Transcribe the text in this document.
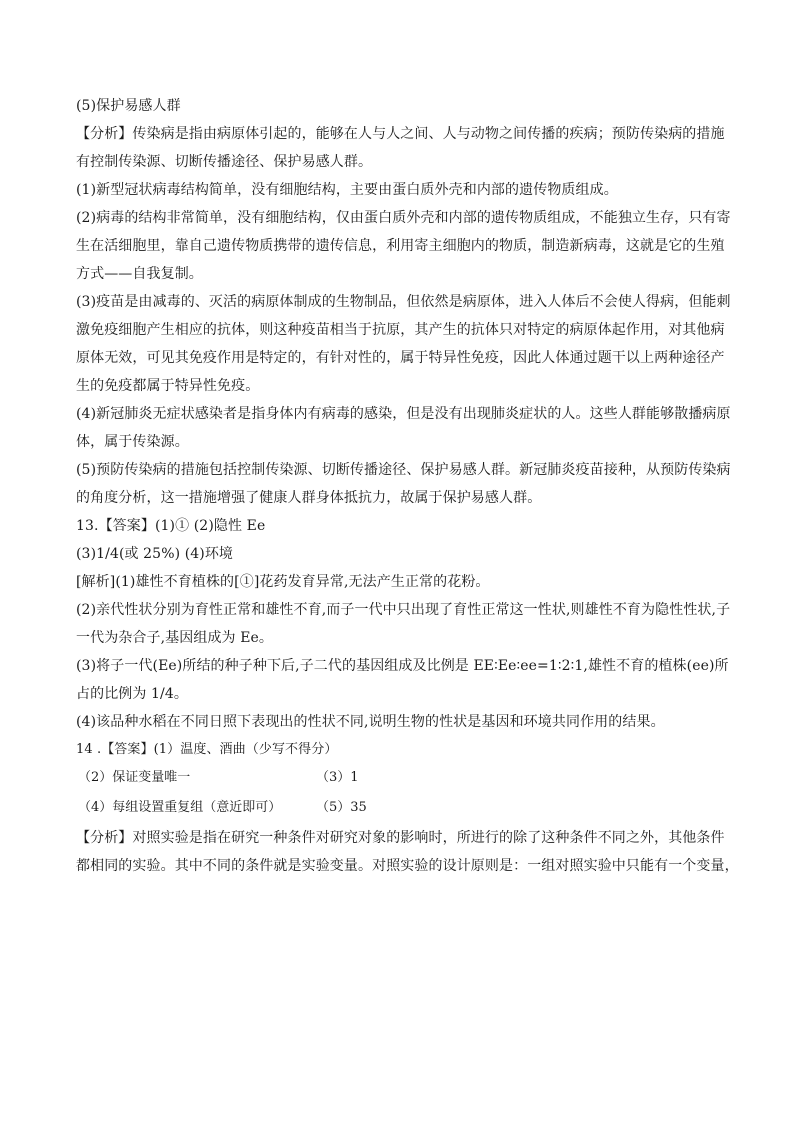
(5)保护易感人群
【分析】传染病是指由病原体引起的，能够在人与人之间、人与动物之间传播的疾病；预防传染病的措施
有控制传染源、切断传播途径、保护易感人群。
(1)新型冠状病毒结构简单，没有细胞结构，主要由蛋白质外壳和内部的遗传物质组成。
(2)病毒的结构非常简单，没有细胞结构，仅由蛋白质外壳和内部的遗传物质组成，不能独立生存，只有寄
生在活细胞里，靠自己遗传物质携带的遗传信息，利用寄主细胞内的物质，制造新病毒，这就是它的生殖
方式——自我复制。
(3)疫苗是由减毒的、灭活的病原体制成的生物制品，但依然是病原体，进入人体后不会使人得病，但能刺
激免疫细胞产生相应的抗体，则这种疫苗相当于抗原，其产生的抗体只对特定的病原体起作用，对其他病
原体无效，可见其免疫作用是特定的，有针对性的，属于特异性免疫，因此人体通过题干以上两种途径产
生的免疫都属于特异性免疫。
(4)新冠肺炎无症状感染者是指身体内有病毒的感染，但是没有出现肺炎症状的人。这些人群能够散播病原
体，属于传染源。
(5)预防传染病的措施包括控制传染源、切断传播途径、保护易感人群。新冠肺炎疫苗接种，从预防传染病
的角度分析，这一措施增强了健康人群身体抵抗力，故属于保护易感人群。
13.【答案】(1)① (2)隐性 Ee
(3)1/4(或 25%) (4)环境
[解析](1)雄性不育植株的[①]花药发育异常,无法产生正常的花粉。
(2)亲代性状分别为育性正常和雄性不育,而子一代中只出现了育性正常这一性状,则雄性不育为隐性性状,子
一代为杂合子,基因组成为 Ee。
(3)将子一代(Ee)所结的种子种下后,子二代的基因组成及比例是 EE∶Ee∶ee=1∶2∶1,雄性不育的植株(ee)所
占的比例为 1/4。
(4)该品种水稻在不同日照下表现出的性状不同,说明生物的性状是基因和环境共同作用的结果。
14 .【答案】(1）温度、酒曲（少写不得分）
（2）保证变量唯一	（3）1
（4）每组设置重复组（意近即可）	（5）35
【分析】对照实验是指在研究一种条件对研究对象的影响时，所进行的除了这种条件不同之外，其他条件
都相同的实验。其中不同的条件就是实验变量。对照实验的设计原则是：一组对照实验中只能有一个变量，
